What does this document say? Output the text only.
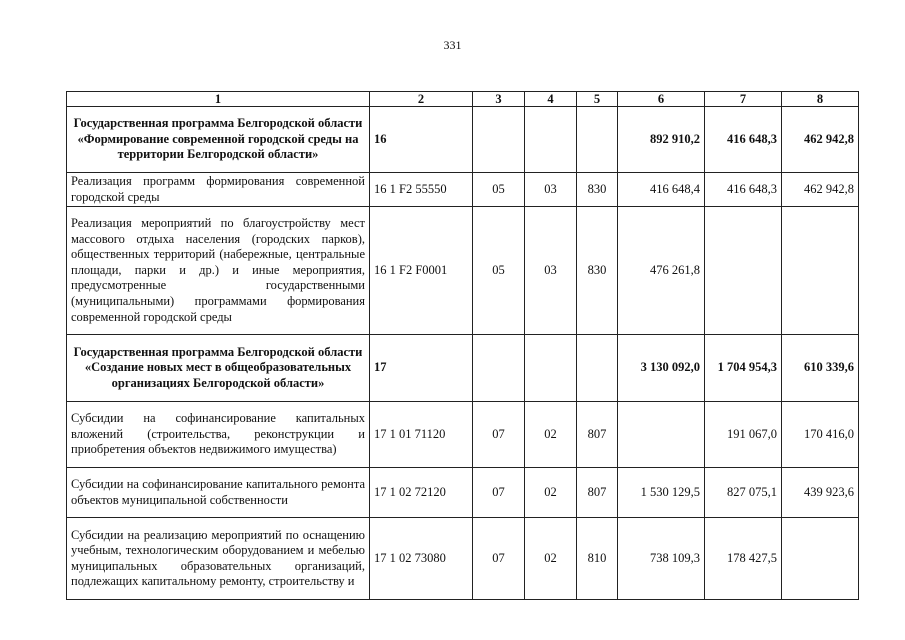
331
1	2	3	4	5	6	7	8
Государственная программа Белгородской области «Формирование современной городской среды на территории Белгородской области»	16				892 910,2	416 648,3	462 942,8
Реализация программ формирования современной городской среды	16 1 F2 55550	05	03	830	416 648,4	416 648,3	462 942,8
Реализация мероприятий по благоустройству мест массового отдыха населения (городских парков), общественных территорий (набережные, центральные площади, парки и др.) и иные мероприятия, предусмотренные государственными (муниципальными) программами формирования современной городской среды	16 1 F2 F0001	05	03	830	476 261,8		
Государственная программа Белгородской области «Создание новых мест в общеобразовательных организациях Белгородской области»	17				3 130 092,0	1 704 954,3	610 339,6
Субсидии на софинансирование капитальных вложений (строительства, реконструкции и приобретения объектов недвижимого имущества)	17 1 01 71120	07	02	807		191 067,0	170 416,0
Субсидии на софинансирование капитального ремонта объектов муниципальной собственности	17 1 02 72120	07	02	807	1 530 129,5	827 075,1	439 923,6
Субсидии на реализацию мероприятий по оснащению учебным, технологическим оборудованием и мебелью муниципальных образовательных организаций, подлежащих капитальному ремонту, строительству и	17 1 02 73080	07	02	810	738 109,3	178 427,5	
